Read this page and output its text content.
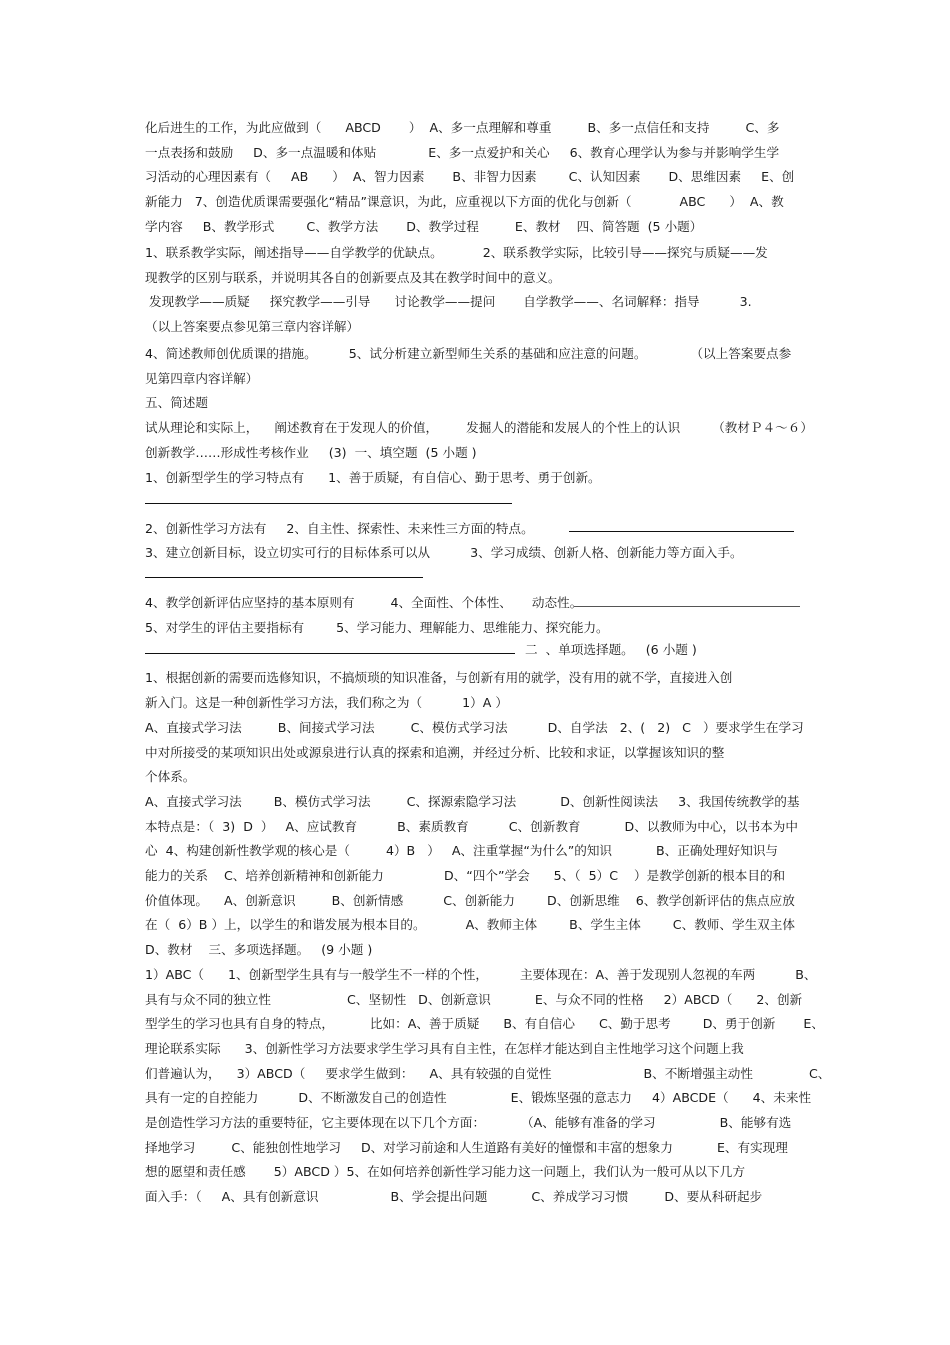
化后进生的工作，为此应做到（      ABCD       ）  A、多一点理解和尊重         B、多一点信任和支持         C、多
一点表扬和鼓励     D、多一点温暖和体贴             E、多一点爱护和关心     6、教育心理学认为参与并影响学生学
习活动的心理因素有（     AB      ）  A、智力因素       B、非智力因素        C、认知因素       D、思维因素     E、创
新能力   7、创造优质课需要强化“精品”课意识，为此，应重视以下方面的优化与创新（            ABC      ）  A、教
学内容     B、教学形式        C、教学方法       D、教学过程         E、教材    四、简答题  (5 小题）
1、联系教学实际，阐述指导——自学教学的优缺点。          2、联系教学实际，比较引导——探究与质疑——发
现教学的区别与联系，并说明其各自的创新要点及其在教学时间中的意义。
发现教学——质疑     探究教学——引导      讨论教学——提问       自学教学——、名词解释：指导          3.
（以上答案要点参见第三章内容详解）
4、简述教师创优质课的措施。        5、试分析建立新型师生关系的基础和应注意的问题。           （以上答案要点参
见第四章内容详解）
五、简述题
试从理论和实际上，    阐述教育在于发现人的价值，       发掘人的潜能和发展人的个性上的认识        （教材Ｐ４～６）
创新教学……形成性考核作业     (3)  一、填空题  (5 小题 )
1、创新型学生的学习特点有      1、善于质疑，有自信心、勤于思考、勇于创新。
2、创新性学习方法有     2、自主性、探索性、未来性三方面的特点。
3、建立创新目标，设立切实可行的目标体系可以从          3、学习成绩、创新人格、创新能力等方面入手。
4、教学创新评估应坚持的基本原则有         4、全面性、个体性、     动态性。
5、对学生的评估主要指标有        5、学习能力、理解能力、思维能力、探究能力。
二  、单项选择题。   (6 小题 )
1、根据创新的需要而选修知识，不搞烦琐的知识准备，与创新有用的就学，没有用的就不学，直接进入创
新入门。这是一种创新性学习方法，我们称之为（          1）A ）
A、直接式学习法         B、间接式学习法         C、模仿式学习法          D、自学法   2、(   2)   C   ）要求学生在学习
中对所接受的某项知识出处或源泉进行认真的探索和追溯，并经过分析、比较和求证，以掌握该知识的整
个体系。
A、直接式学习法        B、模仿式学习法         C、探源索隐学习法           D、创新性阅读法     3、我国传统教学的基
本特点是：（  3)  D  ）   A、应试教育          B、素质教育          C、创新教育           D、以教师为中心，以书本为中
心  4、构建创新性教学观的核心是（         4）B   ）   A、注重掌握“为什么”的知识           B、正确处理好知识与
能力的关系    C、培养创新精神和创新能力               D、“四个”学会      5、（  5）C    ）是教学创新的根本目的和
价值体现。    A、创新意识         B、创新情感          C、创新能力        D、创新思维    6、教学创新评估的焦点应放
在（  6）B ）上，以学生的和谐发展为根本目的。          A、教师主体        B、学生主体        C、教师、学生双主体
D、教材    三、多项选择题。   (9 小题 )
1）ABC（      1、创新型学生具有与一般学生不一样的个性，        主要体现在：A、善于发现别人忽视的车两          B、
具有与众不同的独立性                   C、坚韧性   D、创新意识           E、与众不同的性格     2）ABCD（      2、创新
型学生的学习也具有自身的特点，         比如：A、善于质疑      B、有自信心      C、勤于思考        D、勇于创新       E、
理论联系实际      3、创新性学习方法要求学生学习具有自主性，在怎样才能达到自主性地学习这个问题上我
们普遍认为，    3）ABCD（     要求学生做到：    A、具有较强的自觉性                       B、不断增强主动性              C、
具有一定的自控能力          D、不断激发自己的创造性                E、锻炼坚强的意志力     4）ABCDE（      4、未来性
是创造性学习方法的重要特征，它主要体现在以下几个方面：         （A、能够有准备的学习                B、能够有选
择地学习         C、能独创性地学习     D、对学习前途和人生道路有美好的憧憬和丰富的想象力           E、有实现理
想的愿望和责任感       5）ABCD ）5、在如何培养创新性学习能力这一问题上，我们认为一般可从以下几方
面入手：（     A、具有创新意识                  B、学会提出问题           C、养成学习习惯         D、要从科研起步
